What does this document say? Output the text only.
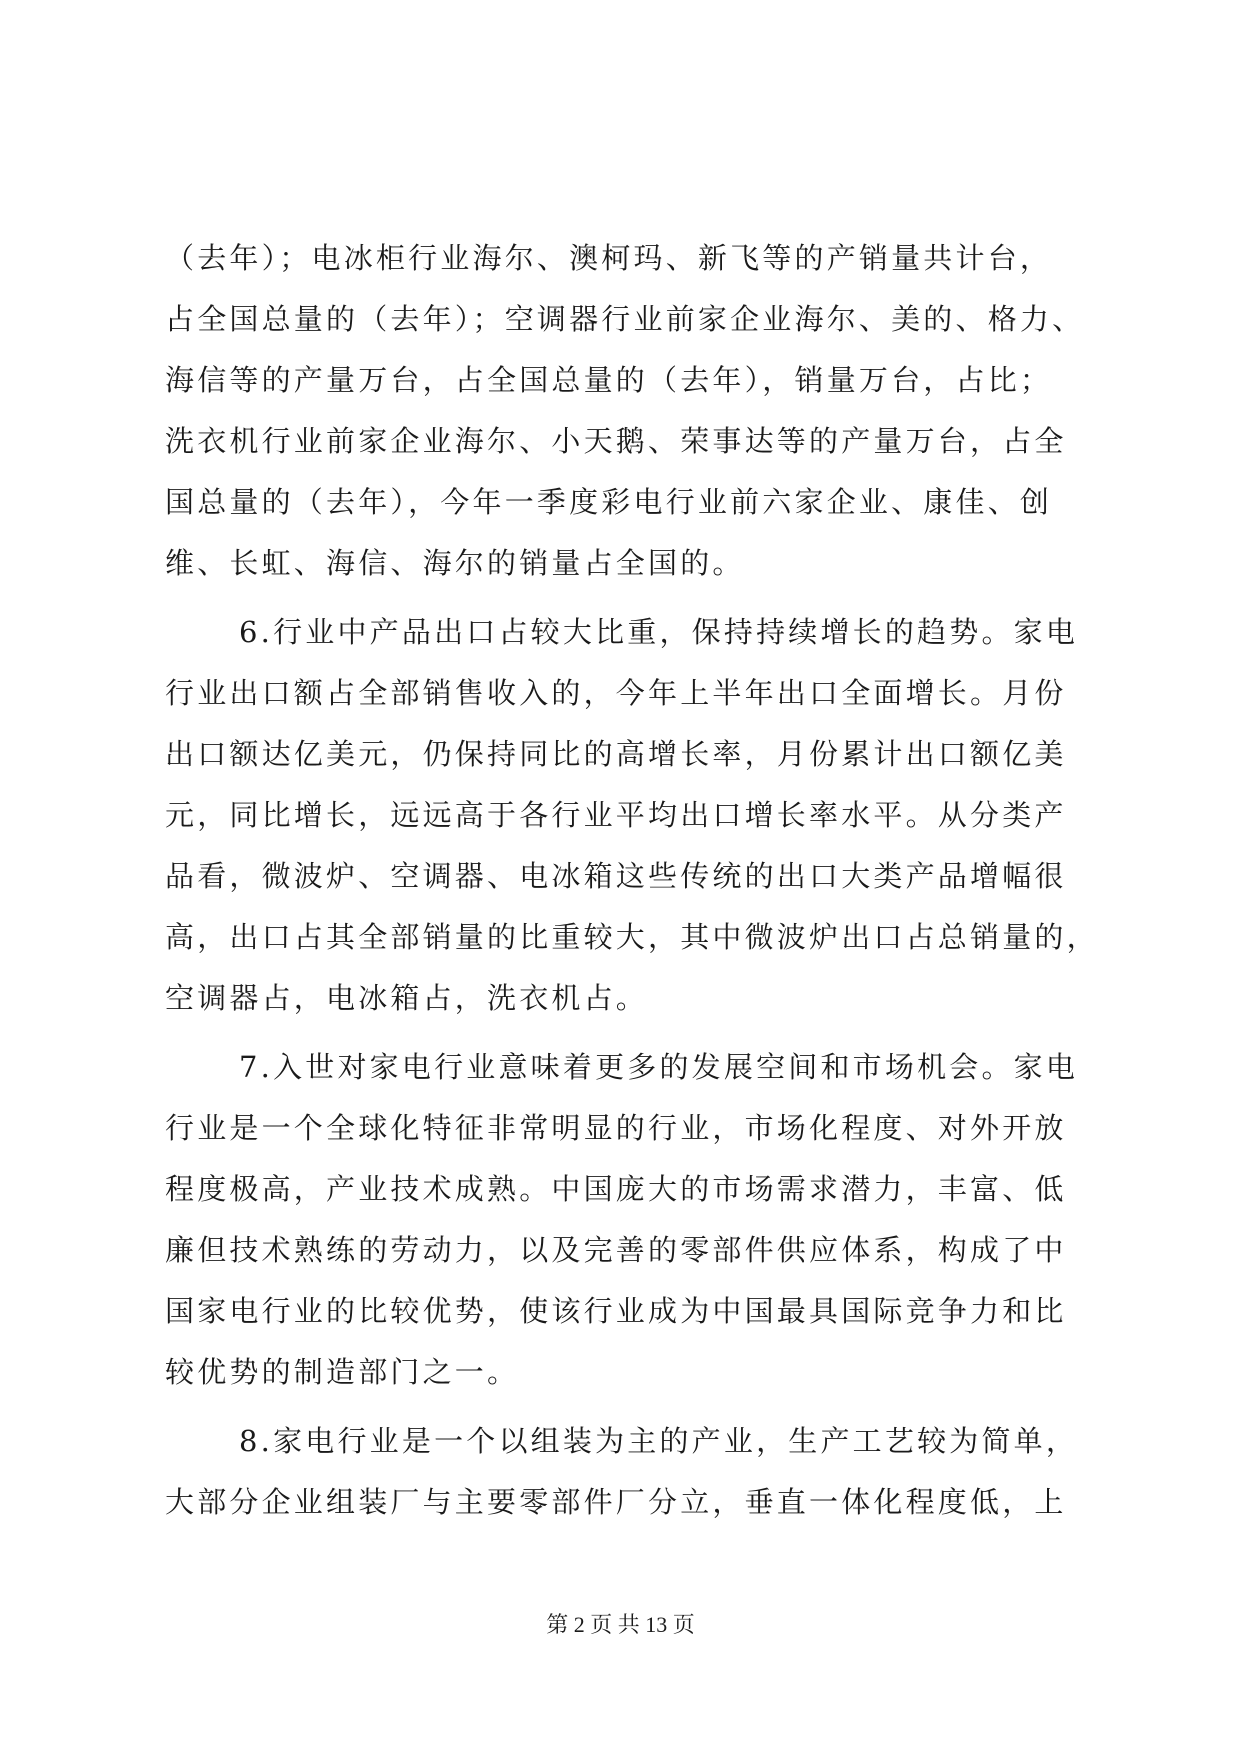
（去年）；电冰柜行业海尔、澳柯玛、新飞等的产销量共计台，
占全国总量的（去年）；空调器行业前家企业海尔、美的、格力、
海信等的产量万台，占全国总量的（去年），销量万台，占比；
洗衣机行业前家企业海尔、小天鹅、荣事达等的产量万台，占全
国总量的（去年），今年一季度彩电行业前六家企业、康佳、创
维、长虹、海信、海尔的销量占全国的。
6.行业中产品出口占较大比重，保持持续增长的趋势。家电
行业出口额占全部销售收入的，今年上半年出口全面增长。月份
出口额达亿美元，仍保持同比的高增长率，月份累计出口额亿美
元，同比增长，远远高于各行业平均出口增长率水平。从分类产
品看，微波炉、空调器、电冰箱这些传统的出口大类产品增幅很
高，出口占其全部销量的比重较大，其中微波炉出口占总销量的，
空调器占，电冰箱占，洗衣机占。
7.入世对家电行业意味着更多的发展空间和市场机会。家电
行业是一个全球化特征非常明显的行业，市场化程度、对外开放
程度极高，产业技术成熟。中国庞大的市场需求潜力，丰富、低
廉但技术熟练的劳动力，以及完善的零部件供应体系，构成了中
国家电行业的比较优势，使该行业成为中国最具国际竞争力和比
较优势的制造部门之一。
8.家电行业是一个以组装为主的产业，生产工艺较为简单，
大部分企业组装厂与主要零部件厂分立，垂直一体化程度低，上
第 2 页 共 13 页
